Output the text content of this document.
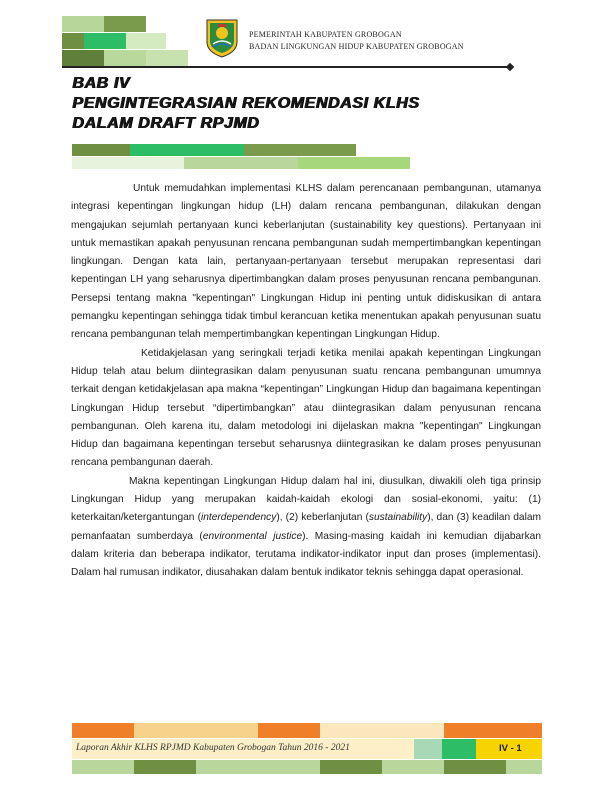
PEMERINTAH KABUPATEN GROBOGAN
BADAN LINGKUNGAN HIDUP KABUPATEN GROBOGAN
BAB IV
PENGINTEGRASIAN REKOMENDASI KLHS
DALAM DRAFT RPJMD

Untuk memudahkan implementasi KLHS dalam perencanaan pembangunan, utamanya integrasi kepentingan lingkungan hidup (LH) dalam rencana pembangunan, dilakukan dengan mengajukan sejumlah pertanyaan kunci keberlanjutan (sustainability key questions). Pertanyaan ini untuk memastikan apakah penyusunan rencana pembangunan sudah mempertimbangkan kepentingan lingkungan. Dengan kata lain, pertanyaan-pertanyaan tersebut merupakan representasi dari kepentingan LH yang seharusnya dipertimbangkan dalam proses penyusunan rencana pembangunan. Persepsi tentang makna "kepentingan" Lingkungan Hidup ini penting untuk didiskusikan di antara pemangku kepentingan sehingga tidak timbul kerancuan ketika menentukan apakah penyusunan suatu rencana pembangunan telah mempertimbangkan kepentingan Lingkungan Hidup.

Ketidakjelasan yang seringkali terjadi ketika menilai apakah kepentingan Lingkungan Hidup telah atau belum diintegrasikan dalam penyusunan suatu rencana pembangunan umumnya terkait dengan ketidakjelasan apa makna “kepentingan” Lingkungan Hidup dan bagaimana kepentingan Lingkungan Hidup tersebut “dipertimbangkan” atau diintegrasikan dalam penyusunan rencana pembangunan. Oleh karena itu, dalam metodologi ini dijelaskan makna "kepentingan" Lingkungan Hidup dan bagaimana kepentingan tersebut seharusnya diintegrasikan ke dalam proses penyusunan rencana pembangunan daerah.

Makna kepentingan Lingkungan Hidup dalam hal ini, diusulkan, diwakili oleh tiga prinsip Lingkungan Hidup yang merupakan kaidah-kaidah ekologi dan sosial-ekonomi, yaitu: (1) keterkaitan/ketergantungan (interdependency), (2) keberlanjutan (sustainability), dan (3) keadilan dalam pemanfaatan sumberdaya (environmental justice). Masing-masing kaidah ini kemudian dijabarkan dalam kriteria dan beberapa indikator, terutama indikator-indikator input dan proses (implementasi). Dalam hal rumusan indikator, diusahakan dalam bentuk indikator teknis sehingga dapat operasional.

Laporan Akhir KLHS RPJMD Kabupaten Grobogan Tahun 2016 - 2021	IV - 1
